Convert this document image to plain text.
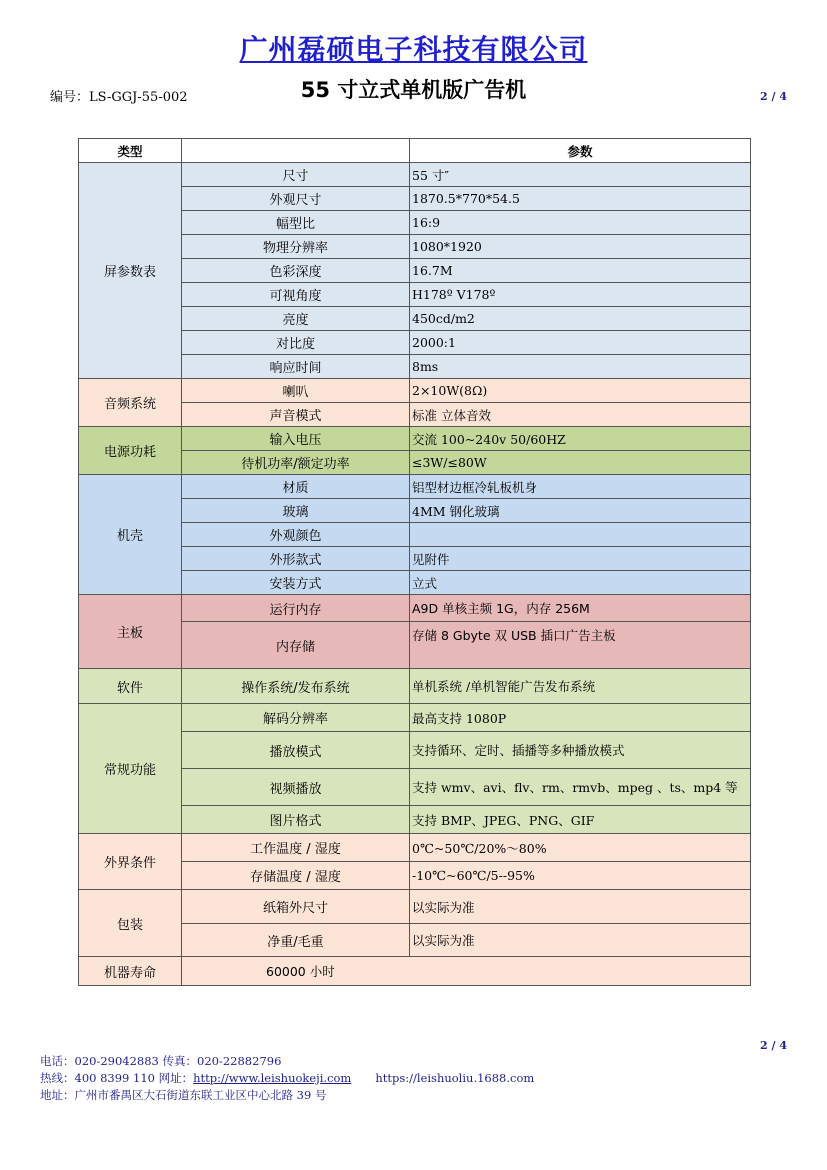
广州磊硕电子科技有限公司
编号：LS-GGJ-55-002	55 寸立式单机版广告机	2 / 4
类型		参数
屏参数表	尺寸	55 寸″
	外观尺寸	1870.5*770*54.5
	幅型比	16:9
	物理分辨率	1080*1920
	色彩深度	16.7M
	可视角度	H178º V178º
	亮度	450cd/m2
	对比度	2000:1
	响应时间	8ms
音频系统	喇叭	2×10W(8Ω)
	声音模式	标准 立体音效
电源功耗	输入电压	交流 100~240v 50/60HZ
	待机功率/额定功率	≤3W/≤80W
机壳	材质	铝型材边框冷轧板机身
	玻璃	4MM 钢化玻璃
	外观颜色	
	外形款式	见附件
	安装方式	立式
主板	运行内存	A9D 单核主频 1G，内存 256M
	内存储	存储 8 Gbyte 双 USB 插口广告主板
软件	操作系统/发布系统	单机系统 /单机智能广告发布系统
常规功能	解码分辨率	最高支持 1080P
	播放模式	支持循环、定时、插播等多种播放模式
	视频播放	支持 wmv、avi、flv、rm、rmvb、mpeg 、ts、mp4 等
	图片格式	支持 BMP、JPEG、PNG、GIF
外界条件	工作温度 / 湿度	0℃~50℃/20%～80%
	存储温度 / 湿度	-10℃~60℃/5--95%
包装	纸箱外尺寸	以实际为准
	净重/毛重	以实际为准
机器寿命	60000 小时	
2 / 4
电话：020-29042883 传真：020-22882796
热线：400 8399 110 网址：http://www.leishuokeji.com https://leishuoliu.1688.com
地址：广州市番禺区大石街道东联工业区中心北路 39 号
